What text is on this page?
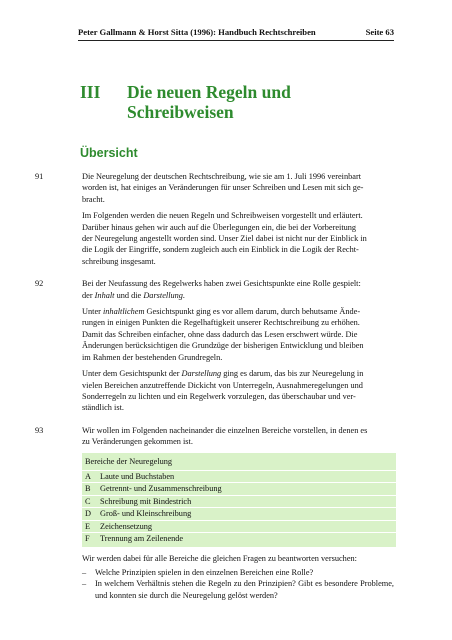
Peter Gallmann & Horst Sitta (1996): Handbuch Rechtschreiben	Seite 63
III Die neuen Regeln und
Schreibweisen
Übersicht
91	Die Neuregelung der deutschen Rechtschreibung, wie sie am 1. Juli 1996 vereinbart
worden ist, hat einiges an Veränderungen für unser Schreiben und Lesen mit sich ge-
bracht.
Im Folgenden werden die neuen Regeln und Schreibweisen vorgestellt und erläutert.
Darüber hinaus gehen wir auch auf die Überlegungen ein, die bei der Vorbereitung
der Neuregelung angestellt worden sind. Unser Ziel dabei ist nicht nur der Einblick in
die Logik der Eingriffe, sondern zugleich auch ein Einblick in die Logik der Recht-
schreibung insgesamt.
92	Bei der Neufassung des Regelwerks haben zwei Gesichtspunkte eine Rolle gespielt:
der Inhalt und die Darstellung.
Unter inhaltlichem Gesichtspunkt ging es vor allem darum, durch behutsame Ände-
rungen in einigen Punkten die Regelhaftigkeit unserer Rechtschreibung zu erhöhen.
Damit das Schreiben einfacher, ohne dass dadurch das Lesen erschwert würde. Die
Änderungen berücksichtigen die Grundzüge der bisherigen Entwicklung und bleiben
im Rahmen der bestehenden Grundregeln.
Unter dem Gesichtspunkt der Darstellung ging es darum, das bis zur Neuregelung in
vielen Bereichen anzutreffende Dickicht von Unterregeln, Ausnahmeregelungen und
Sonderregeln zu lichten und ein Regelwerk vorzulegen, das überschaubar und ver-
ständlich ist.
93	Wir wollen im Folgenden nacheinander die einzelnen Bereiche vorstellen, in denen es
zu Veränderungen gekommen ist.
Bereiche der Neuregelung
A	Laute und Buchstaben
B	Getrennt- und Zusammenschreibung
C	Schreibung mit Bindestrich
D	Groß- und Kleinschreibung
E	Zeichensetzung
F	Trennung am Zeilenende
Wir werden dabei für alle Bereiche die gleichen Fragen zu beantworten versuchen:
–	Welche Prinzipien spielen in den einzelnen Bereichen eine Rolle?
–	In welchem Verhältnis stehen die Regeln zu den Prinzipien? Gibt es besondere Probleme, und konnten sie durch die Neuregelung gelöst werden?
